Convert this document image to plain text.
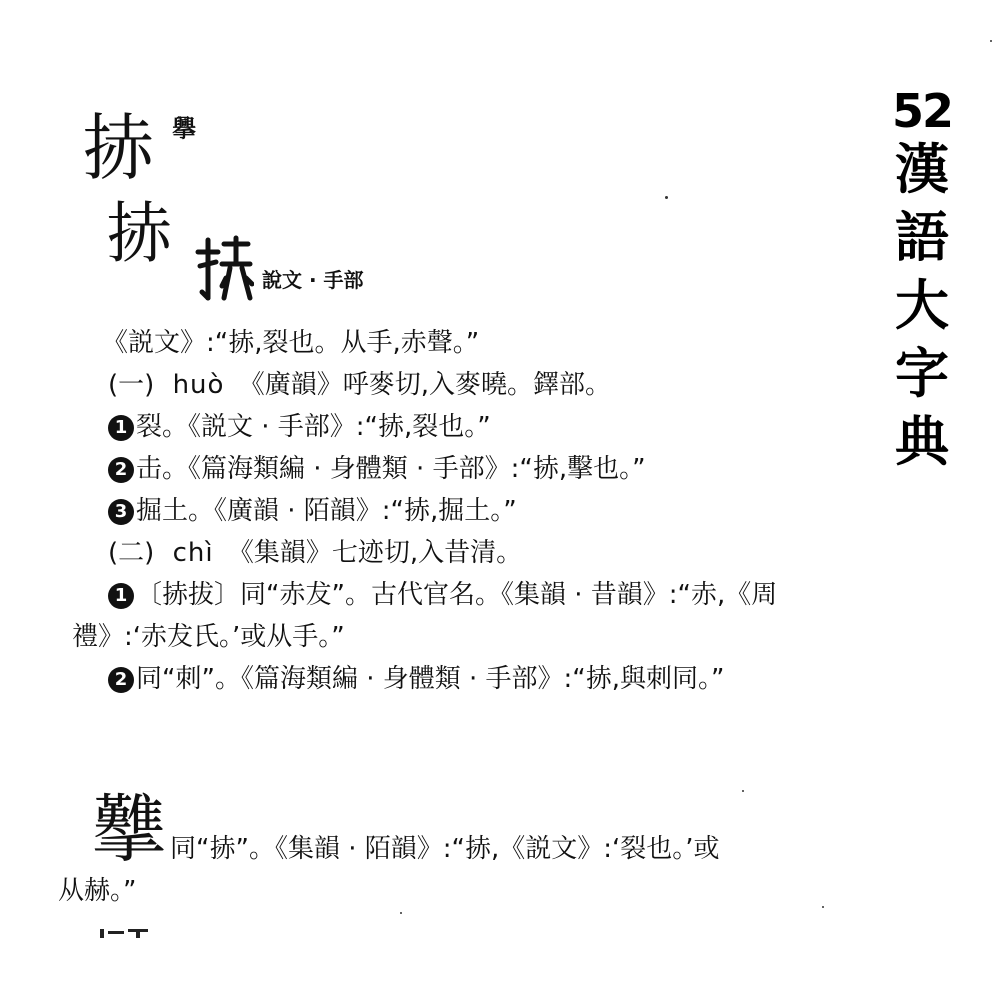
52
漢
語
大
字
典
捇 𢸁
捇
說文 · 手部
《説文》:“捇,裂也。从手,赤聲。”
(一) huò 《廣韻》呼麥切,入麥曉。鐸部。
1 裂。《説文 · 手部》:“捇,裂也。”
2 击。《篇海類編 · 身體類 · 手部》:“捇,擊也。”
3 掘土。《廣韻 · 陌韻》:“捇,掘土。”
(二) chì 《集韻》七迹切,入昔清。
1 〔捇拔〕同“赤犮”。古代官名。《集韻 · 昔韻》:“赤,《周
禮》:‘赤犮氏。’或从手。”
2 同“刺”。《篇海類編 · 身體類 · 手部》:“捇,與刺同。”
𢺋 同“捇”。《集韻 · 陌韻》:“捇,《説文》:‘裂也。’或
从赫。”
